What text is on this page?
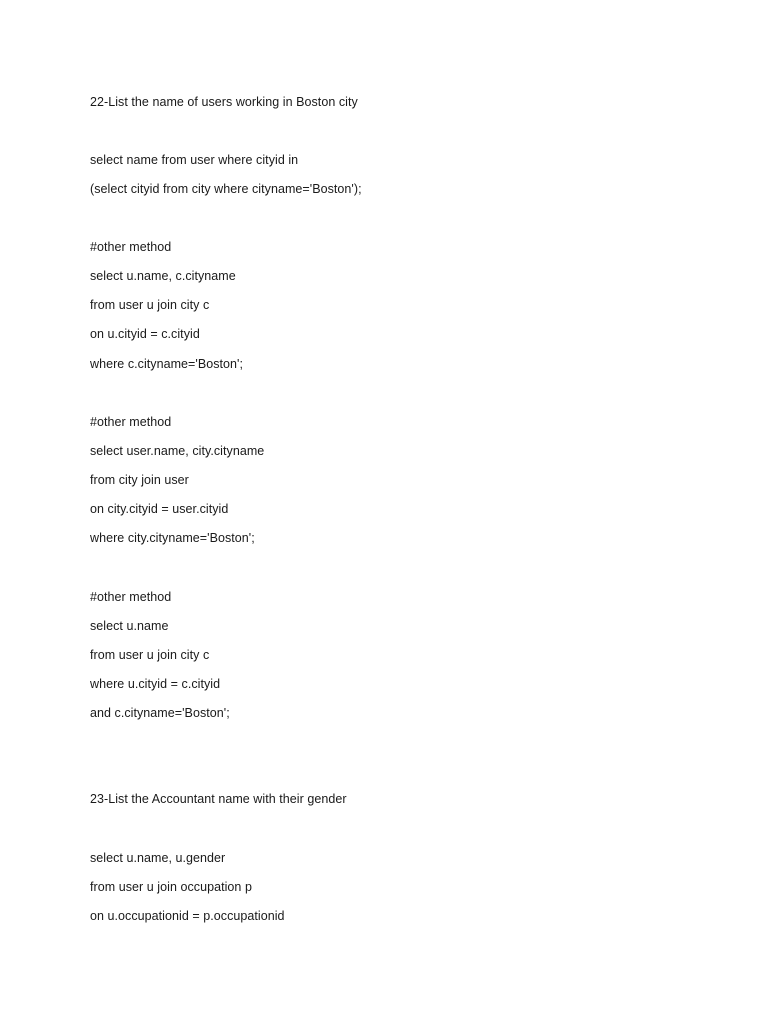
22-List the name of users working in Boston city
select name from user where cityid in
(select cityid from city where cityname='Boston');
#other method
select u.name, c.cityname
from user u join city c
on u.cityid = c.cityid
where c.cityname='Boston';
#other method
select user.name, city.cityname
from city join user
on city.cityid = user.cityid
where city.cityname='Boston';
#other method
select u.name
from user u join city c
where u.cityid = c.cityid
and c.cityname='Boston';
23-List the Accountant name with their gender
select u.name, u.gender
from user u join occupation p
on u.occupationid = p.occupationid
